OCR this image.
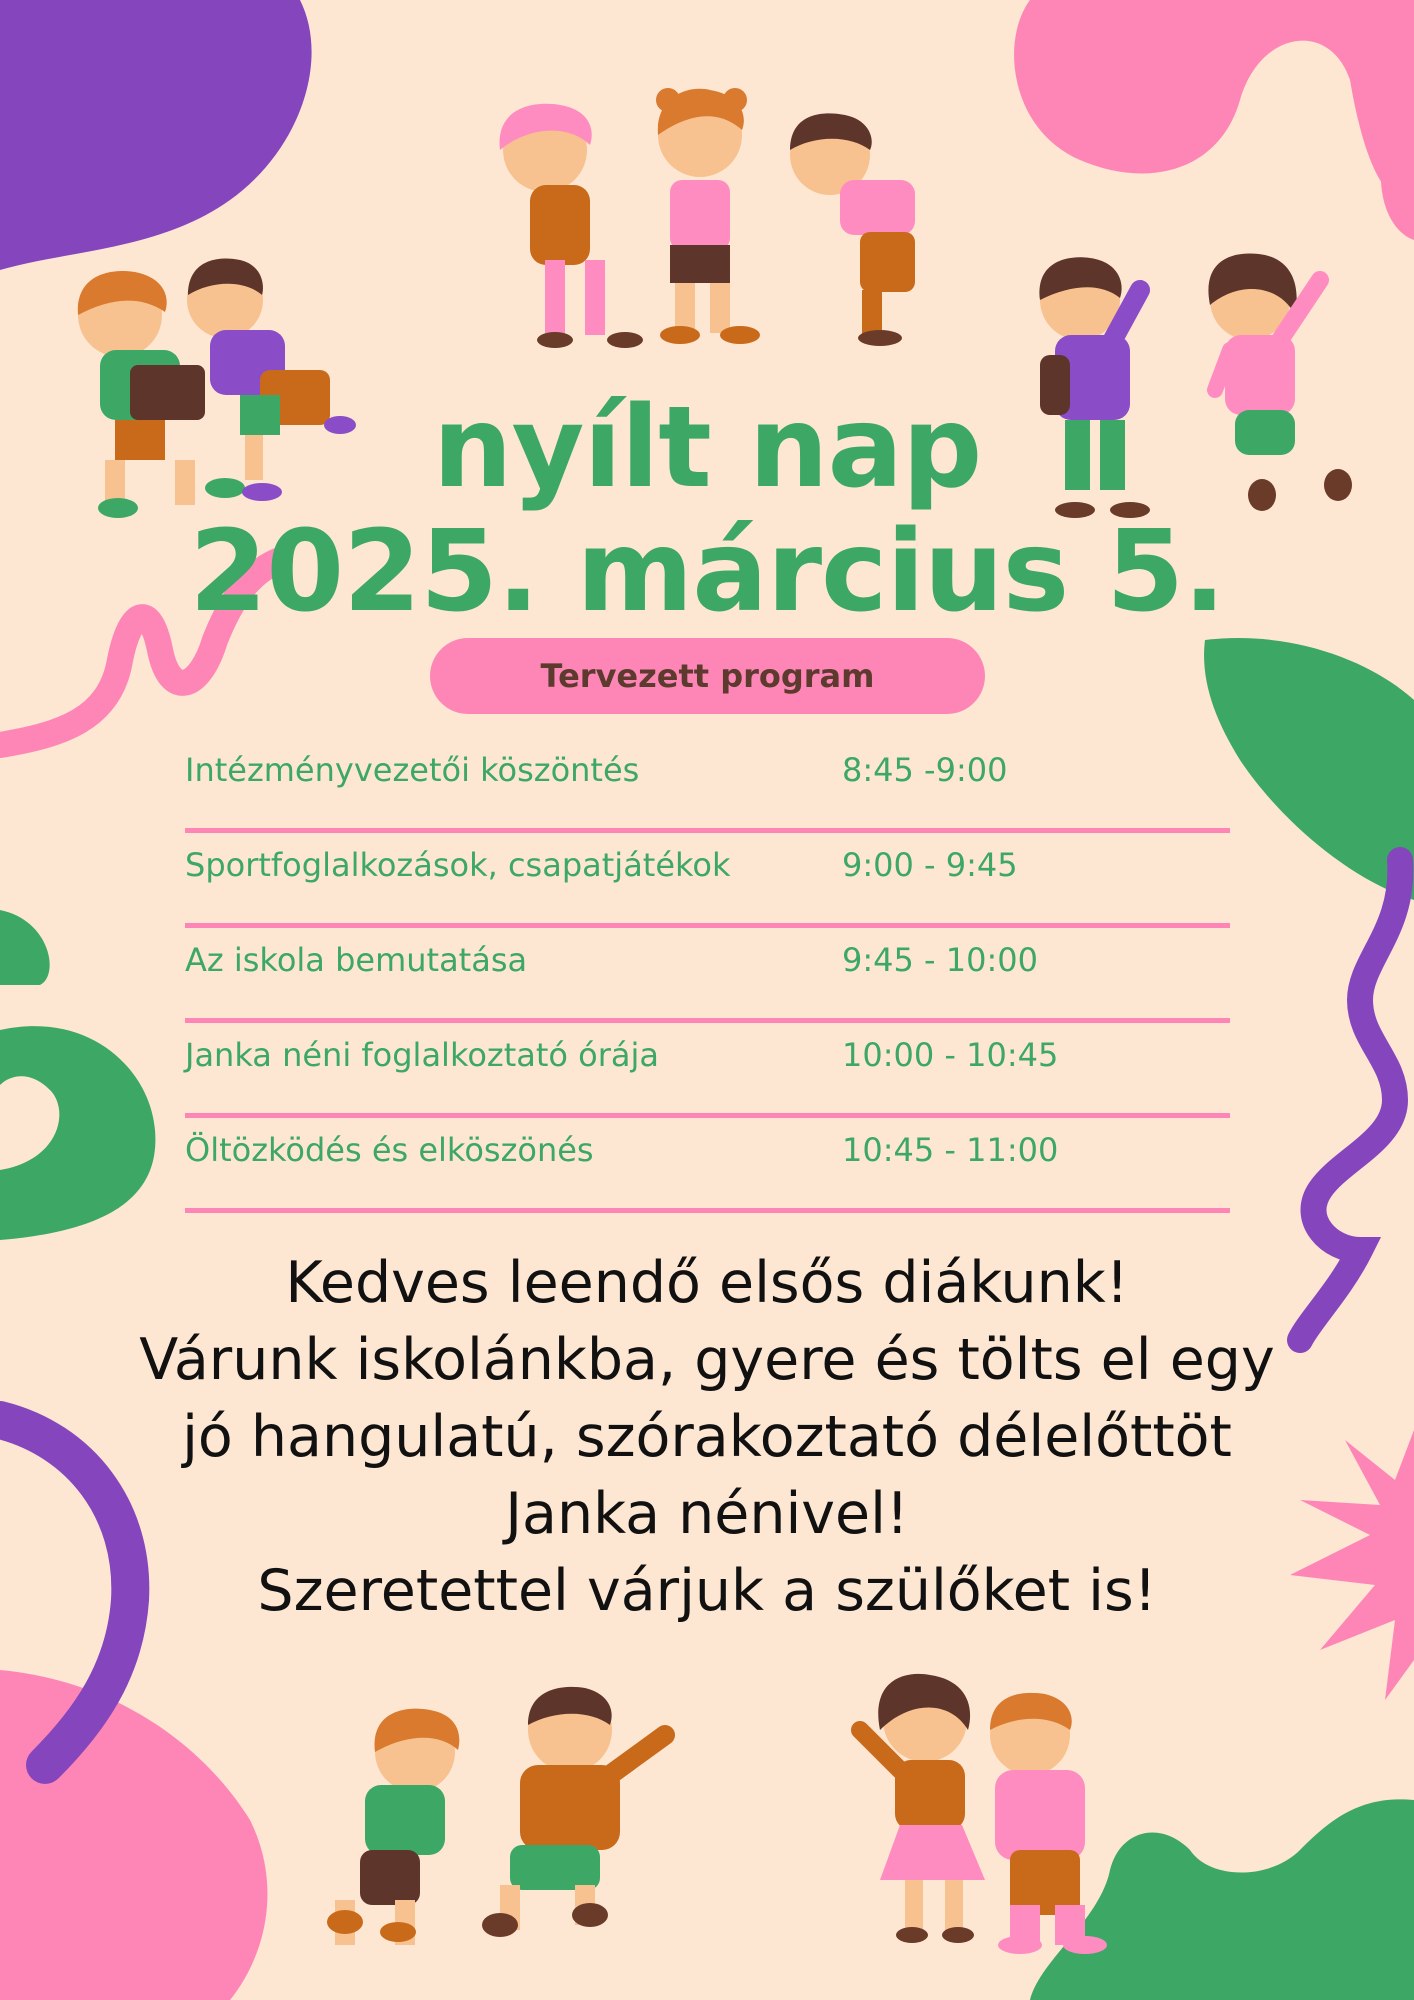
nyílt nap
2025. március 5.
Tervezett program
Intézményvezetői köszöntés	8:45 -9:00
Sportfoglalkozások, csapatjátékok	9:00 - 9:45
Az iskola bemutatása	9:45 - 10:00
Janka néni foglalkoztató órája	10:00 - 10:45
Öltözködés és elköszönés	10:45 - 11:00
Kedves leendő elsős diákunk!
Várunk iskolánkba, gyere és tölts el egy
jó hangulatú, szórakoztató délelőttöt
Janka nénivel!
Szeretettel várjuk a szülőket is!
